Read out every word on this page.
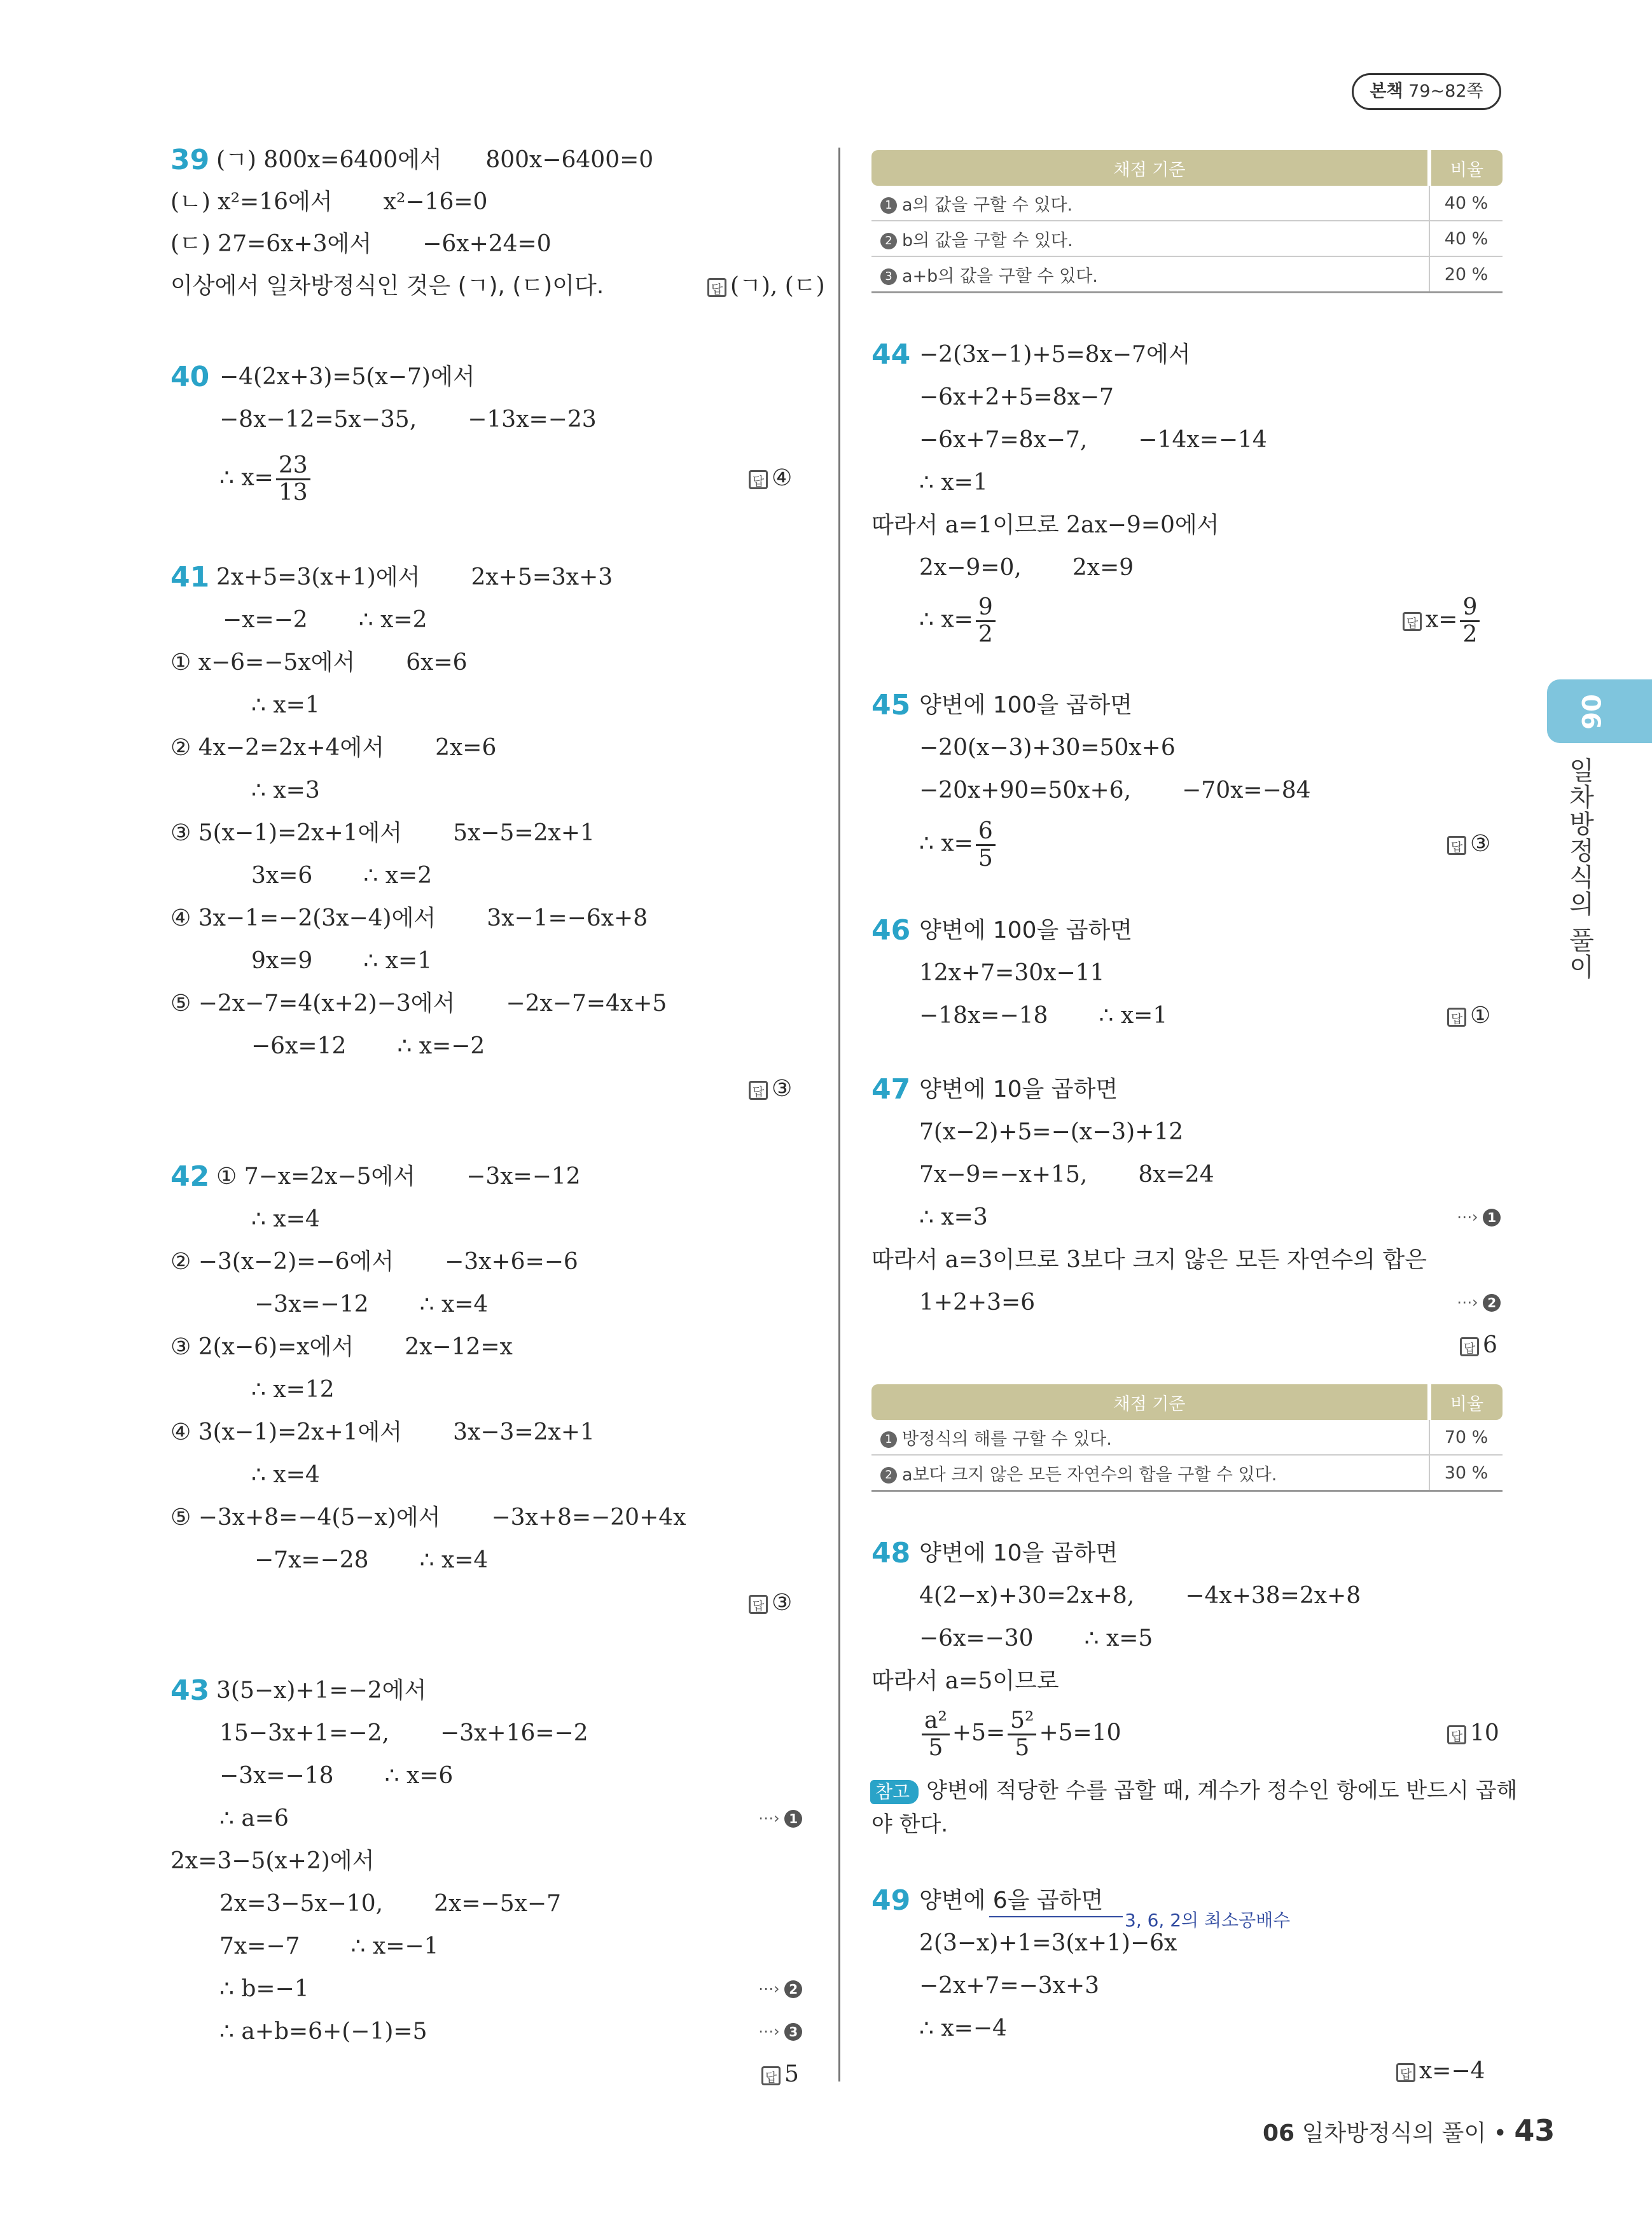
본책 79~82쪽
39 (ㄱ) 800x=6400에서      800x−6400=0
(ㄴ) x²=16에서       x²−16=0
(ㄷ) 27=6x+3에서       −6x+24=0
이상에서 일차방정식인 것은 (ㄱ), (ㄷ)이다.	답 (ㄱ), (ㄷ)
40 −4(2x+3)=5(x−7)에서
−8x−12=5x−35,       −13x=−23
∴ $x= \frac{23}{13}$	답 ④
41 2x+5=3(x+1)에서       2x+5=3x+3
−x=−2       ∴ x=2
① x−6=−5x에서       6x=6
∴ x=1
② 4x−2=2x+4에서       2x=6
∴ x=3
③ 5(x−1)=2x+1에서       5x−5=2x+1
3x=6       ∴ x=2
④ 3x−1=−2(3x−4)에서       3x−1=−6x+8
9x=9       ∴ x=1
⑤ −2x−7=4(x+2)−3에서       −2x−7=4x+5
−6x=12       ∴ x=−2
답 ③
42 ① 7−x=2x−5에서       −3x=−12
∴ x=4
② −3(x−2)=−6에서       −3x+6=−6
−3x=−12       ∴ x=4
③ 2(x−6)=x에서       2x−12=x
∴ x=12
④ 3(x−1)=2x+1에서       3x−3=2x+1
∴ x=4
⑤ −3x+8=−4(5−x)에서       −3x+8=−20+4x
−7x=−28       ∴ x=4
답 ③
43 3(5−x)+1=−2에서
15−3x+1=−2,       −3x+16=−2
−3x=−18       ∴ x=6
∴ a=6	⋯› 1
2x=3−5(x+2)에서
2x=3−5x−10,       2x=−5x−7
7x=−7       ∴ x=−1
∴ b=−1	⋯› 2
∴ a+b=6+(−1)=5	⋯› 3
답 5
채점 기준	비율
1 a의 값을 구할 수 있다.	40 %
2 b의 값을 구할 수 있다.	40 %
3 a+b의 값을 구할 수 있다.	20 %
44 −2(3x−1)+5=8x−7에서
−6x+2+5=8x−7
−6x+7=8x−7,       −14x=−14
∴ x=1
따라서 a=1이므로 2ax−9=0에서
2x−9=0,       2x=9
∴ $x= \frac{9}{2}$	답 $x= \frac{9}{2}$
45 양변에 100을 곱하면
−20(x−3)+30=50x+6
−20x+90=50x+6,       −70x=−84
∴ $x= \frac{6}{5}$	답 ③
46 양변에 100을 곱하면
12x+7=30x−11
−18x=−18       ∴ x=1	답 ①
47 양변에 10을 곱하면
7(x−2)+5=−(x−3)+12
7x−9=−x+15,       8x=24
∴ x=3	⋯› 1
따라서 a=3이므로 3보다 크지 않은 모든 자연수의 합은
1+2+3=6	⋯› 2
답 6
채점 기준	비율
1 방정식의 해를 구할 수 있다.	70 %
2 a보다 크지 않은 모든 자연수의 합을 구할 수 있다.	30 %
48 양변에 10을 곱하면
4(2−x)+30=2x+8,       −4x+38=2x+8
−6x=−30       ∴ x=5
따라서 a=5이므로
$\frac{\text{a²}}{5} +5= \frac{\text{5²}}{5} +5=10$	답 10
참고 양변에 적당한 수를 곱할 때, 계수가 정수인 항에도 반드시 곱해
야 한다.
49 양변에 6을 곱하면
3, 6, 2의 최소공배수
2(3−x)+1=3(x+1)−6x
−2x+7=−3x+3
∴ x=−4
답 x=−4
06
일차방정식의 풀이
06 일차방정식의 풀이 • 43
